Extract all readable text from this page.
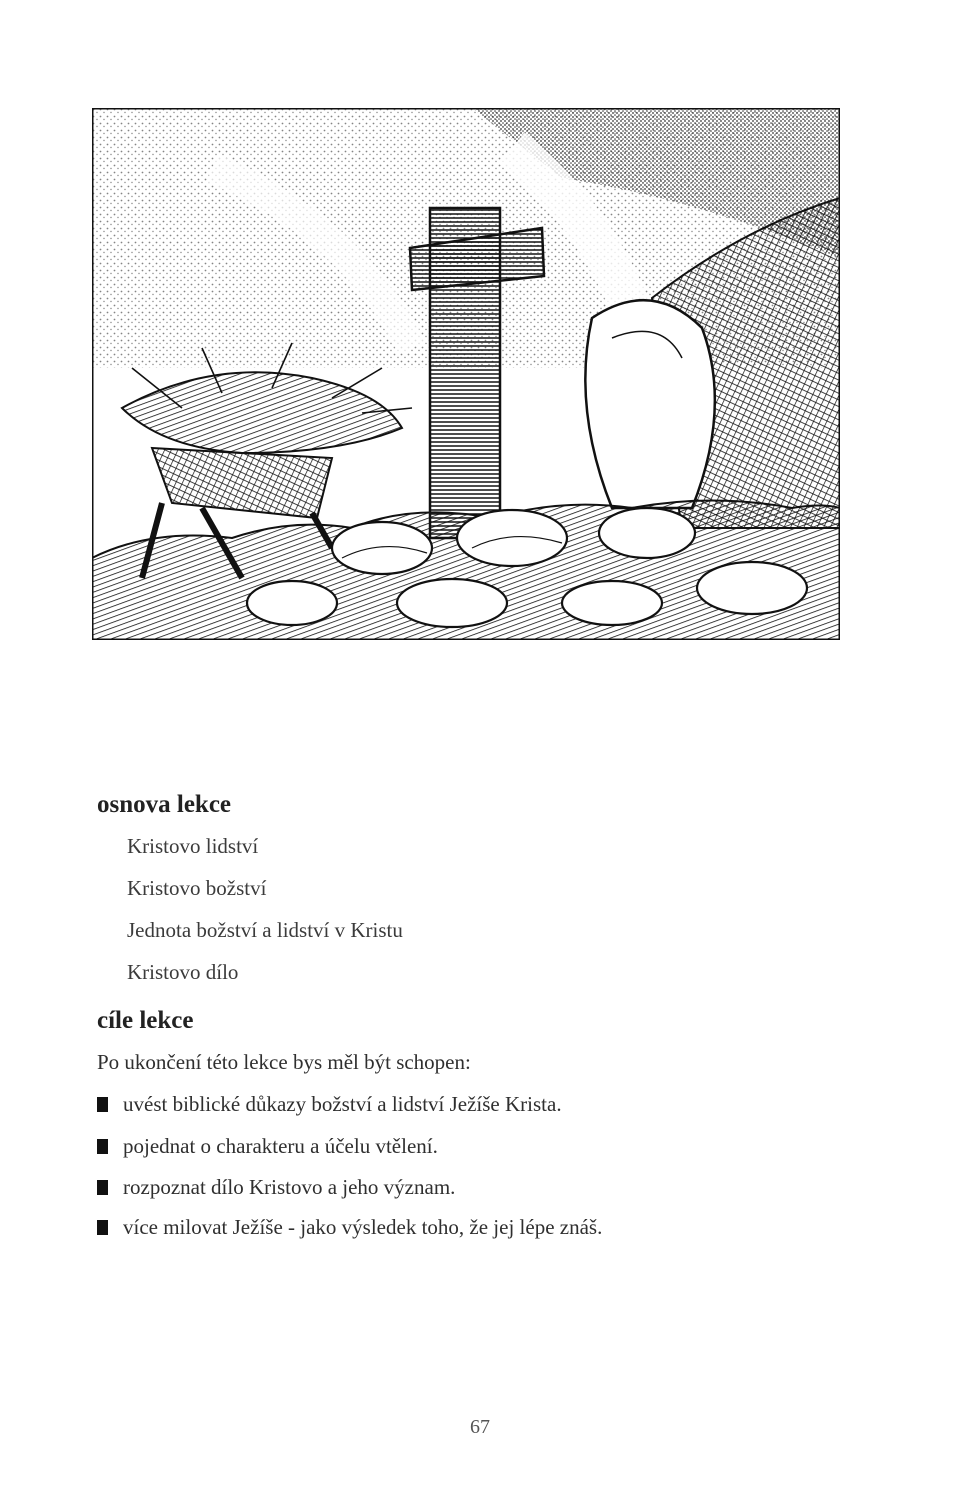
osnova lekce
Kristovo lidství
Kristovo božství
Jednota božství a lidství v Kristu
Kristovo dílo
cíle lekce

Po ukončení této lekce bys měl být schopen:

uvést biblické důkazy božství a lidství Ježíše Krista.
pojednat o charakteru a účelu vtělení.
rozpoznat dílo Kristovo a jeho význam.
více milovat Ježíše - jako výsledek toho, že jej lépe znáš.

67
